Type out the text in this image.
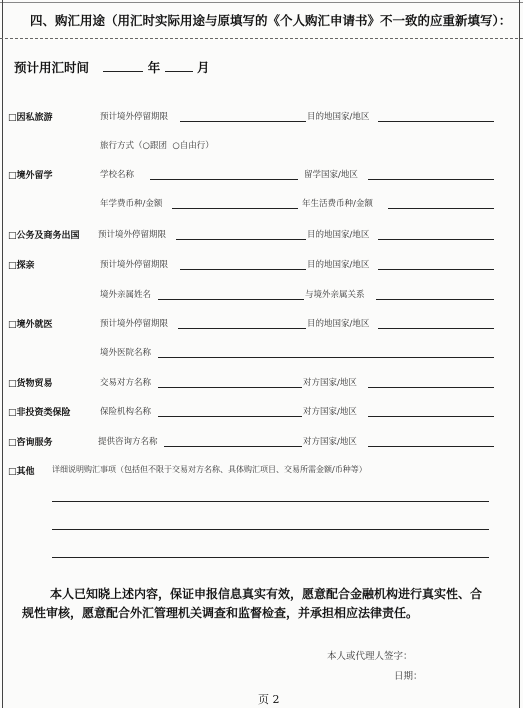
四、购汇用途（用汇时实际用途与原填写的《个人购汇申请书》不一致的应重新填写）：
预计用汇时间	年	月
□因私旅游	预计境外停留期限	目的地国家/地区
旅行方式（○跟团 ○自由行）
□境外留学	学校名称	留学国家/地区
年学费币种/金额	年生活费币种/金额
□公务及商务出国 预计境外停留期限	目的地国家/地区
□探亲	预计境外停留期限	目的地国家/地区
境外亲属姓名	与境外亲属关系
□境外就医	预计境外停留期限	目的地国家/地区
境外医院名称
□货物贸易	交易对方名称	对方国家/地区
□非投资类保险	保险机构名称	对方国家/地区
□咨询服务	提供咨询方名称	对方国家/地区
□其他 详细说明购汇事项（包括但不限于交易对方名称、具体购汇项目、交易所需金额/币种等）
本人已知晓上述内容，保证申报信息真实有效，愿意配合金融机构进行真实性、合
规性审核，愿意配合外汇管理机关调查和监督检查，并承担相应法律责任。
本人或代理人签字：
日期：
页 2
